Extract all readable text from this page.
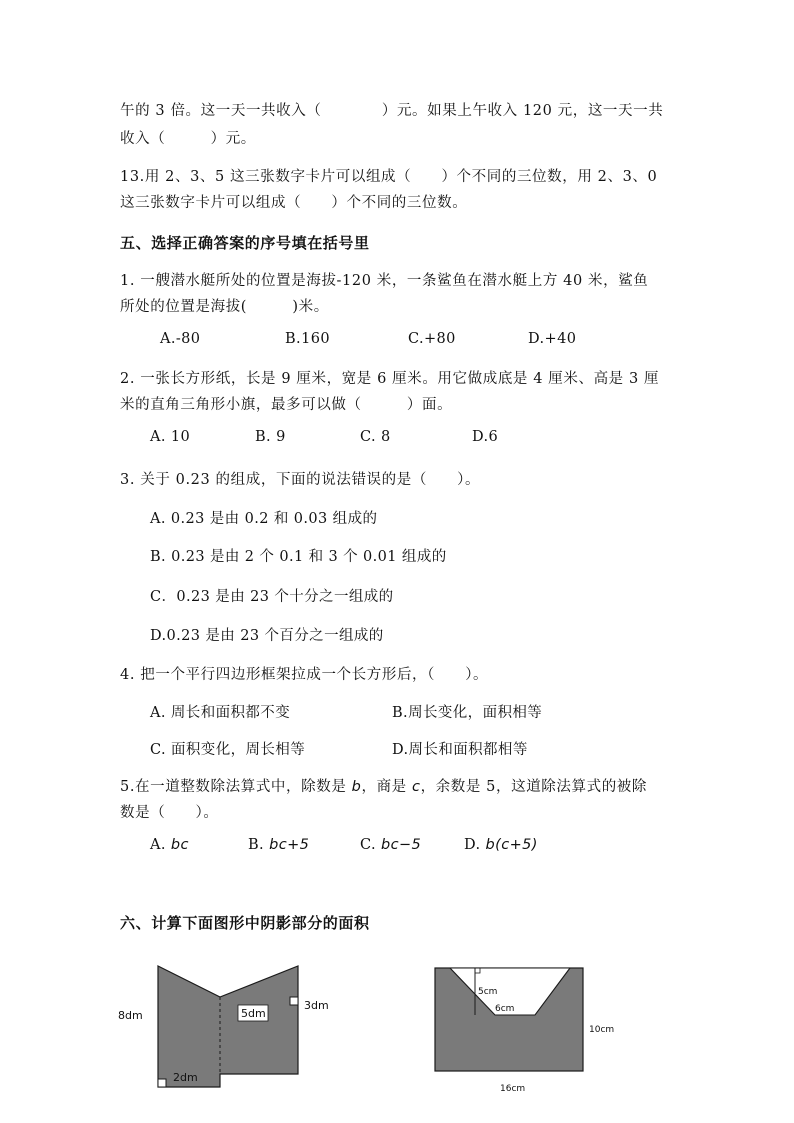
午的 3 倍。这一天一共收入（　　　　）元。如果上午收入 120 元，这一天一共
收入（　　　）元。
13.用 2、3、5 这三张数字卡片可以组成（　　）个不同的三位数，用 2、3、0
这三张数字卡片可以组成（　　）个不同的三位数。
五、选择正确答案的序号填在括号里
1. 一艘潜水艇所处的位置是海拔-120 米，一条鲨鱼在潜水艇上方 40 米，鲨鱼
所处的位置是海拔(　　　)米。
A.-80	B.160	C.+80	D.+40
2. 一张长方形纸，长是 9 厘米，宽是 6 厘米。用它做成底是 4 厘米、高是 3 厘
米的直角三角形小旗，最多可以做（　　　）面。
A. 10	B. 9	C. 8	D.6
3. 关于 0.23 的组成，下面的说法错误的是（　　）。
A. 0.23 是由 0.2 和 0.03 组成的
B. 0.23 是由 2 个 0.1 和 3 个 0.01 组成的
C．0.23 是由 23 个十分之一组成的
D.0.23 是由 23 个百分之一组成的
4. 把一个平行四边形框架拉成一个长方形后，（　　）。
A. 周长和面积都不变	B.周长变化，面积相等
C. 面积变化，周长相等	D.周长和面积都相等
5.在一道整数除法算式中，除数是 b，商是 c，余数是 5，这道除法算式的被除
数是（　　）。
A. bc	B. bc+5	C. bc−5	D. b(c+5)
六、计算下面图形中阴影部分的面积
8dm	5dm
3dm
2dm
5cm
6cm
10cm
16cm
